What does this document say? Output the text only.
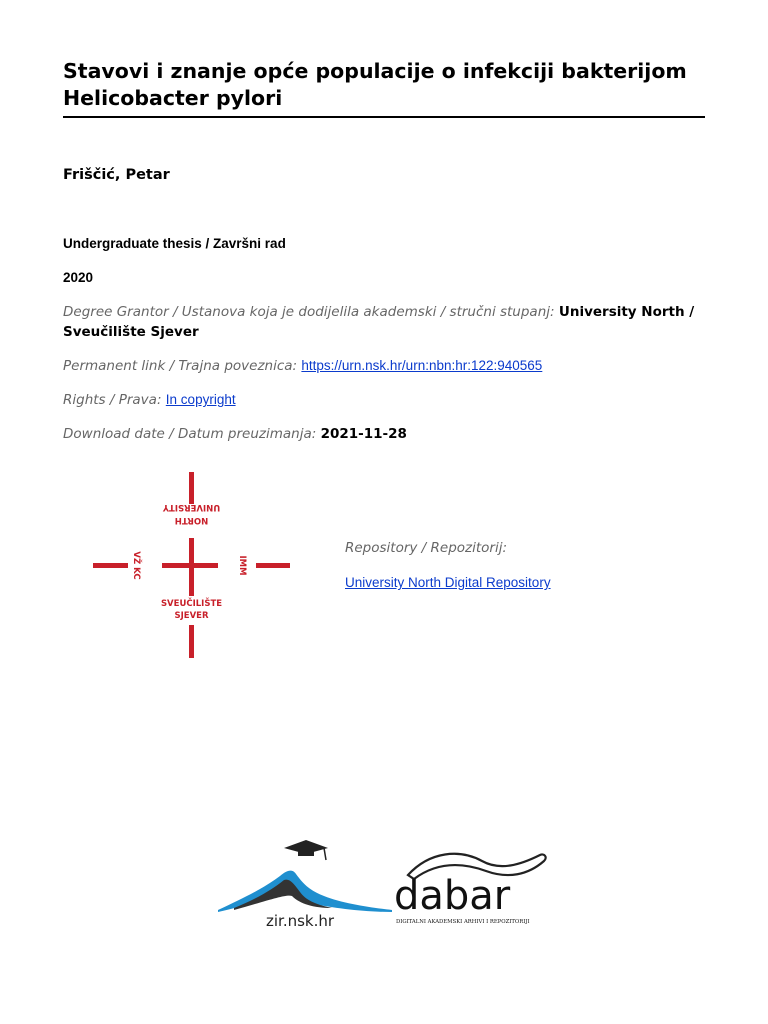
Stavovi i znanje opće populacije o infekciji bakterijom Helicobacter pylori

Friščić, Petar

Undergraduate thesis / Završni rad

2020

Degree Grantor / Ustanova koja je dodijelila akademski / stručni stupanj: University North / Sveučilište Sjever

Permanent link / Trajna poveznica: https://urn.nsk.hr/urn:nbn:hr:122:940565

Rights / Prava: In copyright

Download date / Datum preuzimanja: 2021-11-28

NORTH
UNIVERSITY
VŽ KC	IMM
SVEUČILIŠTE
SJEVER

Repository / Repozitorij:

University North Digital Repository

zir.nsk.hr
dabar
DIGITALNI AKADEMSKI ARHIVI I REPOZITORIJI
